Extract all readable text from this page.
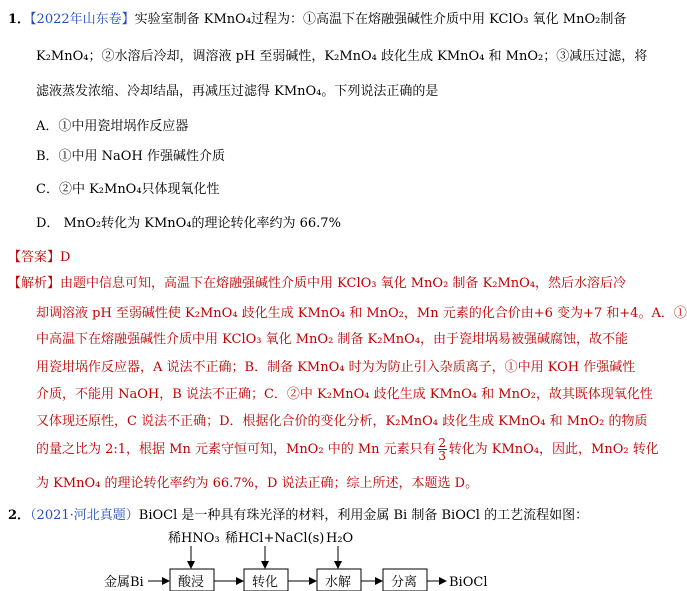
1．【2022年山东卷】实验室制备 KMnO₄过程为：①高温下在熔融强碱性介质中用 KClO₃ 氧化 MnO₂制备
K₂MnO₄；②水溶后冷却，调溶液 pH 至弱碱性，K₂MnO₄ 歧化生成 KMnO₄ 和 MnO₂；③减压过滤，将
滤液蒸发浓缩、冷却结晶，再减压过滤得 KMnO₄。下列说法正确的是
A．①中用瓷坩埚作反应器
B．①中用 NaOH 作强碱性介质
C．②中 K₂MnO₄只体现氧化性
D． MnO₂转化为 KMnO₄的理论转化率约为 66.7%
【答案】D
【解析】由题中信息可知，高温下在熔融强碱性介质中用 KClO₃ 氧化 MnO₂ 制备 K₂MnO₄，然后水溶后冷
却调溶液 pH 至弱碱性使 K₂MnO₄ 歧化生成 KMnO₄ 和 MnO₂，Mn 元素的化合价由+6 变为+7 和+4。A．①
中高温下在熔融强碱性介质中用 KClO₃ 氧化 MnO₂ 制备 K₂MnO₄，由于瓷坩埚易被强碱腐蚀，故不能
用瓷坩埚作反应器，A 说法不正确；B．制备 KMnO₄ 时为为防止引入杂质离子，①中用 KOH 作强碱性
介质，不能用 NaOH，B 说法不正确；C．②中 K₂MnO₄ 歧化生成 KMnO₄ 和 MnO₂，故其既体现氧化性
又体现还原性，C 说法不正确；D．根据化合价的变化分析，K₂MnO₄ 歧化生成 KMnO₄ 和 MnO₂ 的物质
的量之比为 2:1，根据 Mn 元素守恒可知，MnO₂ 中的 Mn 元素只有 $\frac{2}{3}$ 转化为 KMnO₄，因此，MnO₂ 转化
为 KMnO₄ 的理论转化率约为 66.7%，D 说法正确；综上所述，本题选 D。
2．（2021·河北真题）BiOCl 是一种具有珠光泽的材料，利用金属 Bi 制备 BiOCl 的工艺流程如图：
稀HNO₃ 稀HCl+NaCl(s) H₂O
金属Bi	酸浸	转化	水解	分离 BiOCl
